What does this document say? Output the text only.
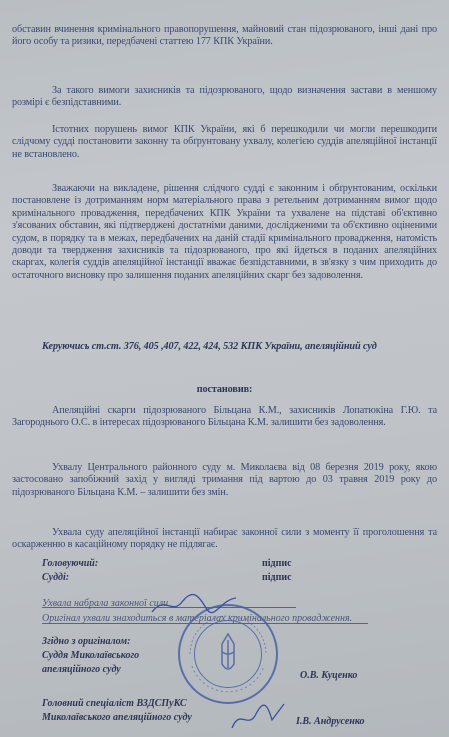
обставин вчинення кримінального правопорушення, майновий стан підозрюваного, інші дані про його особу та ризики, передбачені статтею 177 КПК України.

За такого вимоги захисників та підозрюваного, щодо визначення застави в меншому розмірі є безпідставними.

Істотних порушень вимог КПК України, які б перешкодили чи могли перешкодити слідчому судді постановити законну та обґрунтовану ухвалу, колегією суддів апеляційної інстанції не встановлено.

Зважаючи на викладене, рішення слідчого судді є законним і обґрунтованим, оскільки постановлене із дотриманням норм матеріального права з ретельним дотриманням вимог щодо кримінального провадження, передбачених КПК України та ухвалене на підставі об'єктивно з'ясованих обставин, які підтверджені достатніми даними, дослідженими та об'єктивно оціненими судом, в порядку та в межах, передбачених на даній стадії кримінального провадження, натомість доводи та твердження захисників та підозрюваного, про які йдеться в поданих апеляційних скаргах, колегія суддів апеляційної інстанції вважає безпідставними, в зв'язку з чим приходить до остаточного висновку про залишення поданих апеляційних скарг без задоволення.

Керуючись ст.ст. 376, 405 ,407, 422, 424, 532 КПК України, апеляційний суд

постановив:

Апеляційні скарги підозрюваного Більцана К.М., захисників Лопатюкіна Г.Ю. та Загороднього О.С. в інтересах підозрюваного Більцана К.М. залишити без задоволення.

Ухвалу Центрального районного суду м. Миколаєва від 08 березня 2019 року, якою застосовано запобіжний захід у вигляді тримання під вартою до 03 травня 2019 року до підозрюваного Більцана К.М. – залишити без змін.

Ухвала суду апеляційної інстанції набирає законної сили з моменту її проголошення та оскарженню в касаційному порядку не підлягає.

Головуючий:	підпис
Судді:	підпис
Ухвала набрала законної сили
Оригінал ухвали знаходиться в матеріалах кримінального провадження.
Згідно з оригіналом:
Суддя Миколаївського
апеляційного суду
О.В. Куценко
Головний спеціаліст ВЗДСПуКС
Миколаївського апеляційного суду	І.В. Андрусенко
